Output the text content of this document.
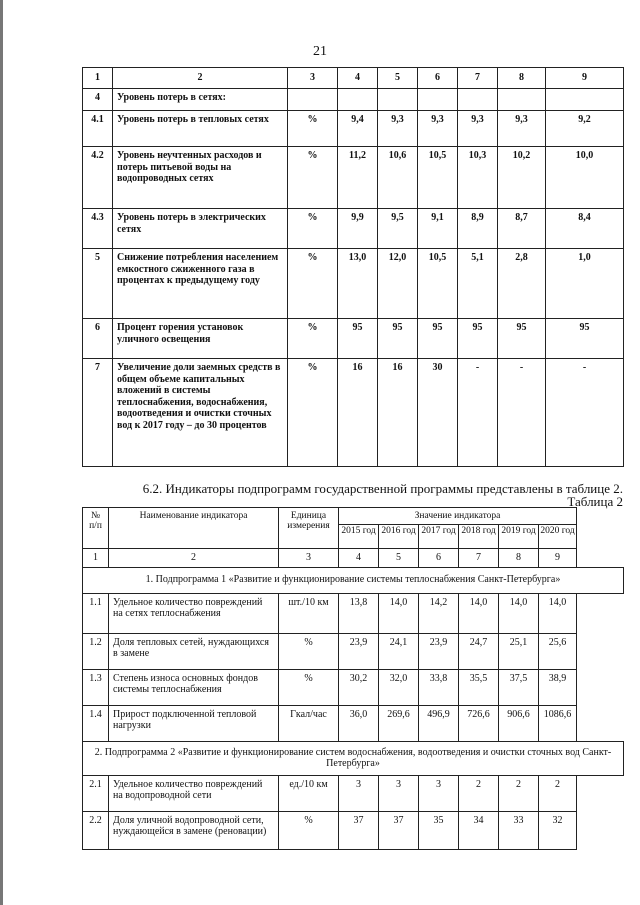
21
1	2	3	4	5	6	7	8	9
4	Уровень потерь в сетях:							
4.1	Уровень потерь в тепловых сетях	%	9,4	9,3	9,3	9,3	9,3	9,2
4.2	Уровень неучтенных расходов и потерь питьевой воды на водопроводных сетях	%	11,2	10,6	10,5	10,3	10,2	10,0
4.3	Уровень потерь в электрических сетях	%	9,9	9,5	9,1	8,9	8,7	8,4
5	Снижение потребления населением емкостного сжиженного газа в процентах к предыдущему году	%	13,0	12,0	10,5	5,1	2,8	1,0
6	Процент горения установок уличного освещения	%	95	95	95	95	95	95
7	Увеличение доли заемных средств в общем объеме капитальных вложений в системы теплоснабжения, водоснабжения, водоотведения и очистки сточных вод к 2017 году – до 30 процентов	%	16	16	30	-	-	-
6.2. Индикаторы подпрограмм государственной программы представлены в таблице 2.
Таблица 2
№ п/п	Наименование индикатора	Единица измерения	Значение индикатора					
			2015 год	2016 год	2017 год	2018 год	2019 год	2020 год
1	2	3	4	5	6	7	8	9
1. Подпрограмма 1 «Развитие и функционирование системы теплоснабжения Санкт-Петербурга»								
1.1	Удельное количество повреждений на сетях теплоснабжения	шт./10 км	13,8	14,0	14,2	14,0	14,0	14,0
1.2	Доля тепловых сетей, нуждающихся в замене	%	23,9	24,1	23,9	24,7	25,1	25,6
1.3	Степень износа основных фондов системы теплоснабжения	%	30,2	32,0	33,8	35,5	37,5	38,9
1.4	Прирост подключенной тепловой нагрузки	Гкал/час	36,0	269,6	496,9	726,6	906,6	1086,6
2. Подпрограмма 2 «Развитие и функционирование систем водоснабжения, водоотведения и очистки сточных вод Санкт-Петербурга»								
2.1	Удельное количество повреждений на водопроводной сети	ед./10 км	3	3	3	2	2	2
2.2	Доля уличной водопроводной сети, нуждающейся в замене (реновации)	%	37	37	35	34	33	32
